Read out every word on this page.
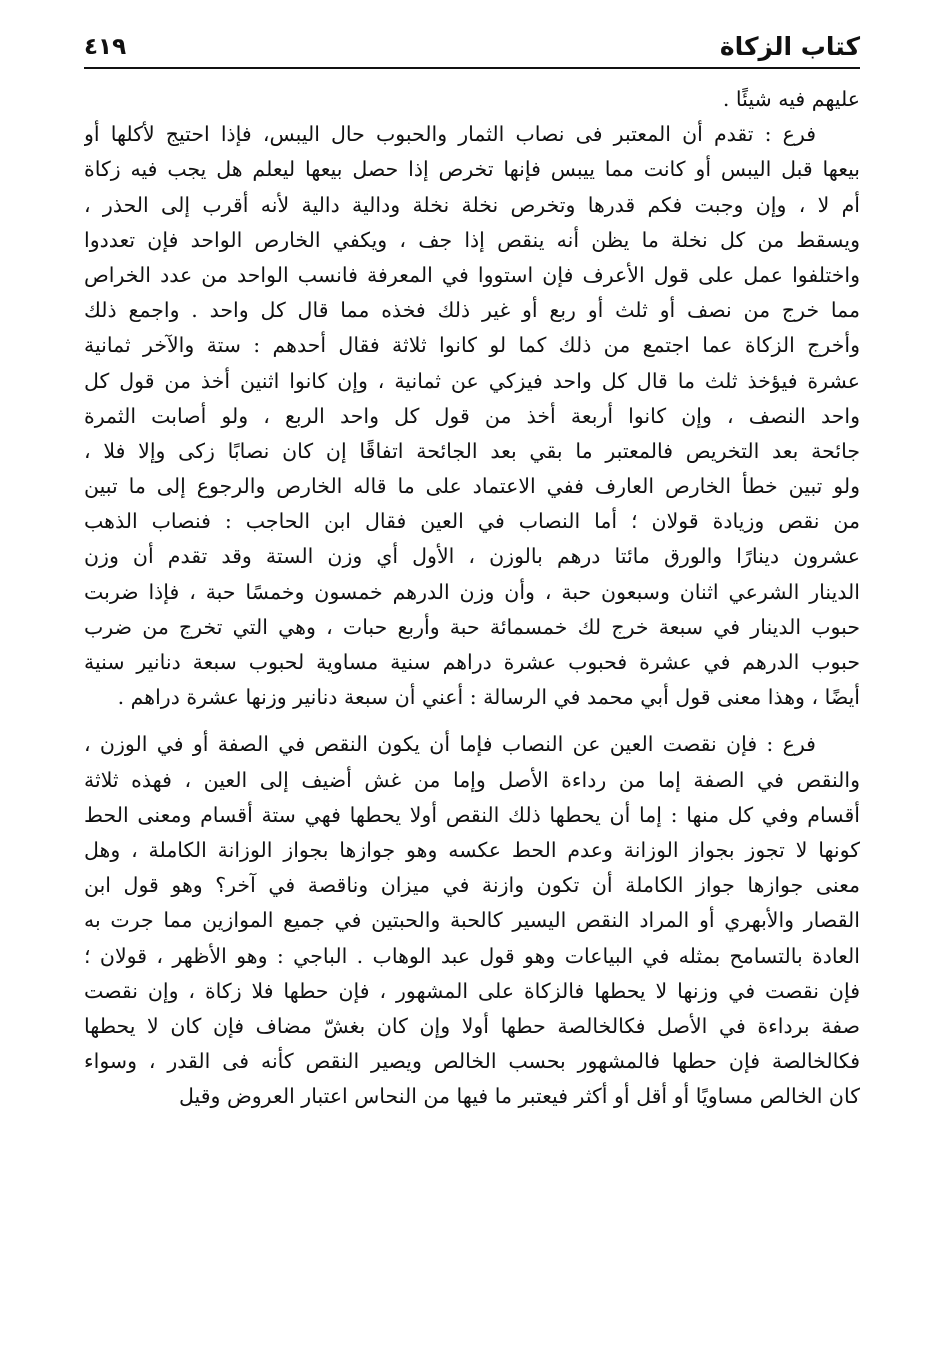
كتاب الزكاة
٤١٩
عليهم فيه شيئًا .
فرع : تقدم أن المعتبر فى نصاب الثمار والحبوب حال اليبس، فإذا احتيج لأكلها أو
بيعها قبل اليبس أو كانت مما ييبس فإنها تخرص إذا حصل بيعها ليعلم هل يجب فيه زكاة
أم لا ، وإن وجبت فكم قدرها وتخرص نخلة نخلة ودالية دالية لأنه أقرب إلى الحذر ،
ويسقط من كل نخلة ما يظن أنه ينقص إذا جف ، ويكفي الخارص الواحد فإن تعددوا
واختلفوا عمل على قول الأعرف فإن استووا في المعرفة فانسب الواحد من عدد الخراص
مما خرج من نصف أو ثلث أو ربع أو غير ذلك فخذه مما قال كل واحد . واجمع ذلك
وأخرج الزكاة عما اجتمع من ذلك كما لو كانوا ثلاثة فقال أحدهم : ستة والآخر ثمانية
عشرة فيؤخذ ثلث ما قال كل واحد فيزكي عن ثمانية ، وإن كانوا اثنين أخذ من قول كل
واحد النصف ، وإن كانوا أربعة أخذ من قول كل واحد الربع ، ولو أصابت الثمرة
جائحة بعد التخريص فالمعتبر ما بقي بعد الجائحة اتفاقًا إن كان نصابًا زكى وإلا فلا ،
ولو تبين خطأ الخارص العارف ففي الاعتماد على ما قاله الخارص والرجوع إلى ما تبين
من نقص وزيادة قولان ؛ أما النصاب في العين فقال ابن الحاجب : فنصاب الذهب
عشرون دينارًا والورق مائتا درهم بالوزن ، الأول أي وزن الستة وقد تقدم أن وزن
الدينار الشرعي اثنان وسبعون حبة ، وأن وزن الدرهم خمسون وخمسًا حبة ، فإذا ضربت
حبوب الدينار في سبعة خرج لك خمسمائة حبة وأربع حبات ، وهي التي تخرج من ضرب
حبوب الدرهم في عشرة فحبوب عشرة دراهم سنية مساوية لحبوب سبعة دنانير سنية
أيضًا ، وهذا معنى قول أبي محمد في الرسالة : أعني أن سبعة دنانير وزنها عشرة دراهم .
فرع : فإن نقصت العين عن النصاب فإما أن يكون النقص في الصفة أو في الوزن ،
والنقص في الصفة إما من رداءة الأصل وإما من غش أضيف إلى العين ، فهذه ثلاثة
أقسام وفي كل منها : إما أن يحطها ذلك النقص أولا يحطها فهي ستة أقسام ومعنى الحط
كونها لا تجوز بجواز الوزانة وعدم الحط عكسه وهو جوازها بجواز الوزانة الكاملة ، وهل
معنى جوازها جواز الكاملة أن تكون وازنة في ميزان وناقصة في آخر؟ وهو قول ابن
القصار والأبهري أو المراد النقص اليسير كالحبة والحبتين في جميع الموازين مما جرت به
العادة بالتسامح بمثله في البياعات وهو قول عبد الوهاب . الباجي : وهو الأظهر ، قولان ؛
فإن نقصت في وزنها لا يحطها فالزكاة على المشهور ، فإن حطها فلا زكاة ، وإن نقصت
صفة برداءة في الأصل فكالخالصة حطها أولا وإن كان بغشّ مضاف فإن كان لا يحطها
فكالخالصة فإن حطها فالمشهور بحسب الخالص ويصير النقص كأنه فى القدر ، وسواء
كان الخالص مساويًا أو أقل أو أكثر فيعتبر ما فيها من النحاس اعتبار العروض وقيل
